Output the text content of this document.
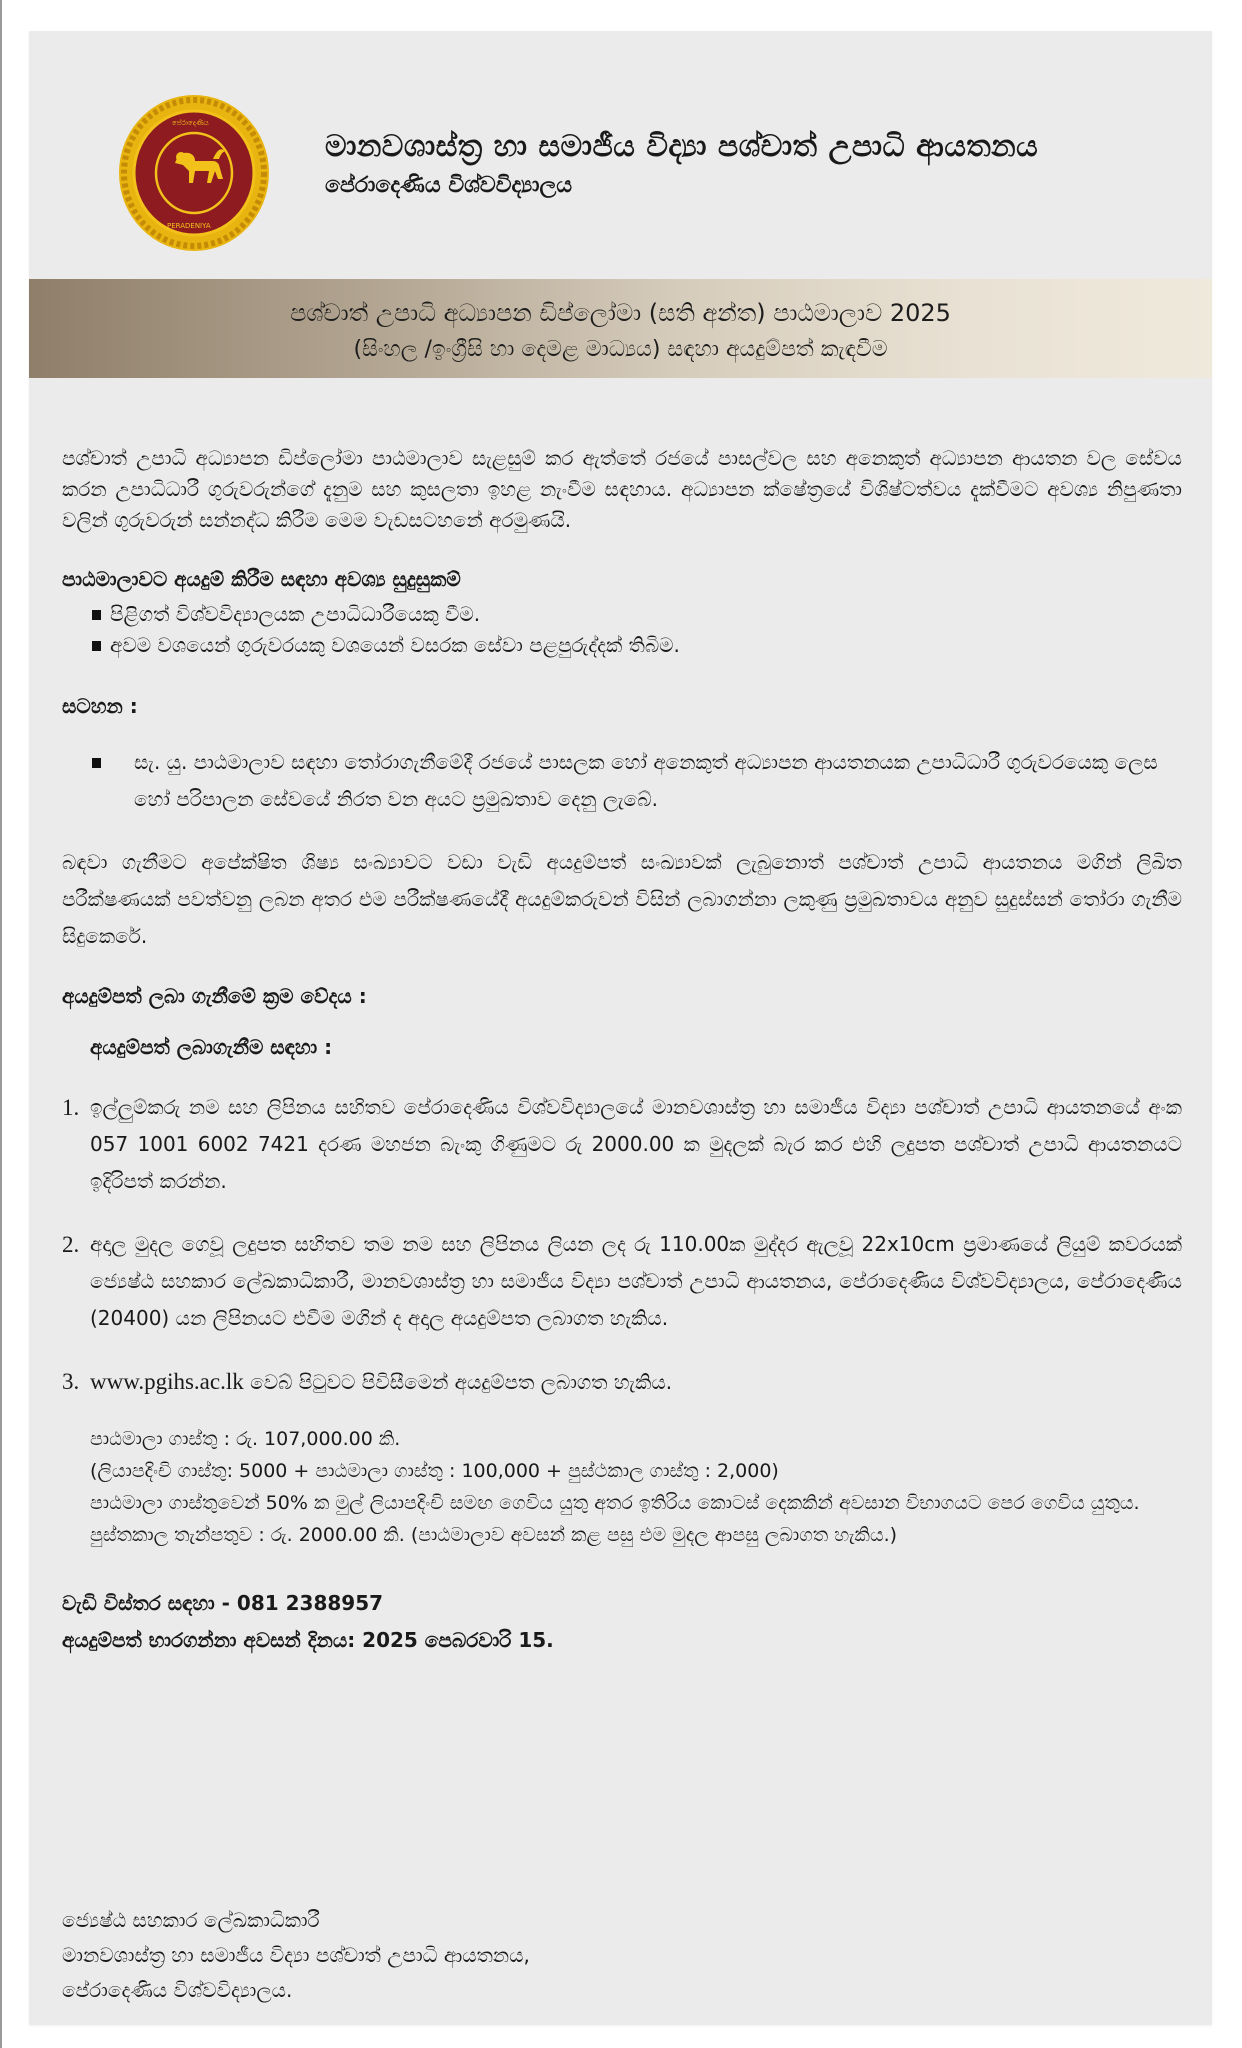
පේරාදෙණිය
PERADENIYA
මානවශාස්ත්‍ර හා සමාජීය විද්‍යා පශ්චාත් උපාධි ආයතනය
පේරාදෙණිය විශ්වවිද්‍යාලය
පශ්චාත් උපාධි අධ්‍යාපන ඩිප්ලෝමා (සති අන්ත) පාඨමාලාව 2025
(සිංහල /ඉංග්‍රීසි හා දෙමළ මාධ්‍යය) සඳහා අයදුම්පත් කැඳවීම

පශ්චාත් උපාධි අධ්‍යාපන ඩිප්ලෝමා පාඨමාලාව සැළසුම් කර ඇත්තේ රජයේ පාසල්වල සහ අනෙකුත් අධ්‍යාපන ආයතන වල සේවය කරන උපාධිධාරී ගුරුවරුන්ගේ දැනුම සහ කුසලතා ඉහළ නැංවීම සඳහාය. අධ්‍යාපන ක්ෂේත්‍රයේ විශිෂ්ටත්වය දැක්වීමට අවශ්‍ය නිපුණතා වලින් ගුරුවරුන් සන්නද්ධ කිරීම මෙම වැඩසටහනේ අරමුණයි.

පාඨමාලාවට අයදුම් කිරීම සඳහා අවශ්‍ය සුදුසුකම්

පිළිගත් විශ්වවිද්‍යාලයක උපාධිධාරීයෙකු වීම.
අවම වශයෙන් ගුරුවරයකු වශයෙන් වසරක සේවා පළපුරුද්දක් තිබිම.

සටහන :

සැ. යු. පාඨමාලාව සඳහා තෝරාගැනීමේදී රජයේ පාසලක හෝ අනෙකුත් අධ්‍යාපන ආයතනයක උපාධිධාරී ගුරුවරයෙකු ලෙස හෝ පරිපාලන සේවයේ නිරත වන අයට ප්‍රමුඛතාව දෙනු ලැබේ.

බඳවා ගැනීමට අපේක්ෂිත ශිෂ්‍ය සංඛ්‍යාවට වඩා වැඩි අයදුම්පත් සංඛ්‍යාවක් ලැබුනොත් පශ්චාත් උපාධි ආයතනය මගින් ලිඛිත පරීක්ෂණයක් පවත්වනු ලබන අතර එම පරීක්ෂණයේදී අයදුම්කරුවන් විසින් ලබාගන්නා ලකුණු ප්‍රමුඛතාවය අනුව සුදුස්සන් තෝරා ගැනීම සිදුකෙරේ.

අයදුම්පත් ලබා ගැනීමේ ක්‍රම වේදය :

අයදුම්පත් ලබාගැනීම සඳහා :

1. ඉල්ලුම්කරු නම සහ ලිපිනය සහිතව පේරාදෙණිය විශ්වවිද්‍යාලයේ මානවශාස්ත්‍ර හා සමාජීය විද්‍යා පශ්චාත් උපාධි ආයතනයේ අංක 057 1001 6002 7421 දරණ මහජන බැංකු ගිණුමට රු 2000.00 ක මුදලක් බැර කර එහි ලදුපත පශ්චාත් උපාධි ආයතනයට ඉදිරිපත් කරන්න.
2. අදාල මුදල ගෙවූ ලදුපත සහිතව තම නම සහ ලිපිනය ලියන ලද රු 110.00ක මුද්දර ඇලවූ 22x10cm ප්‍රමාණයේ ලියුම් කවරයක් ජ්‍යෙෂ්ඨ සහකාර ලේඛකාධිකාරී, මානවශාස්ත්‍ර හා සමාජීය විද්‍යා පශ්චාත් උපාධි ආයතනය, පේරාදෙණිය විශ්වවිද්‍යාලය, පේරාදෙණිය (20400) යන ලිපිනයට එවීම මගින් ද අදාල අයදුම්පත ලබාගත හැකිය.
3. www.pgihs.ac.lk වෙබ් පිටුවට පිවිසීමෙන් අයදුම්පත ලබාගත හැකිය.
පාඨමාලා ගාස්තු : රු. 107,000.00 කි.
(ලියාපදිංචි ගාස්තු: 5000 + පාඨමාලා ගාස්තු : 100,000 + පුස්ථකාල ගාස්තු : 2,000)
පාඨමාලා ගාස්තුවෙන් 50% ක මුල් ලියාපදිංචි සමඟ ගෙවිය යුතු අතර ඉතිරිය කොටස් දෙකකින් අවසාන විභාගයට පෙර ගෙවිය යුතුය.
පුස්තකාල තැන්පතුව : රු. 2000.00 කි. (පාඨමාලාව අවසන් කළ පසු එම මුදල ආපසු ලබාගත හැකිය.)
වැඩි විස්තර සඳහා - 081 2388957
අයදුම්පත් භාරගන්නා අවසන් දිනය: 2025 පෙබරවාරි 15.
ජ්‍යෙෂ්ඨ සහකාර ලේඛකාධිකාරී
මානවශාස්ත්‍ර හා සමාජීය විද්‍යා පශ්චාත් උපාධි ආයතනය,
පේරාදෙණිය විශ්වවිද්‍යාලය.
